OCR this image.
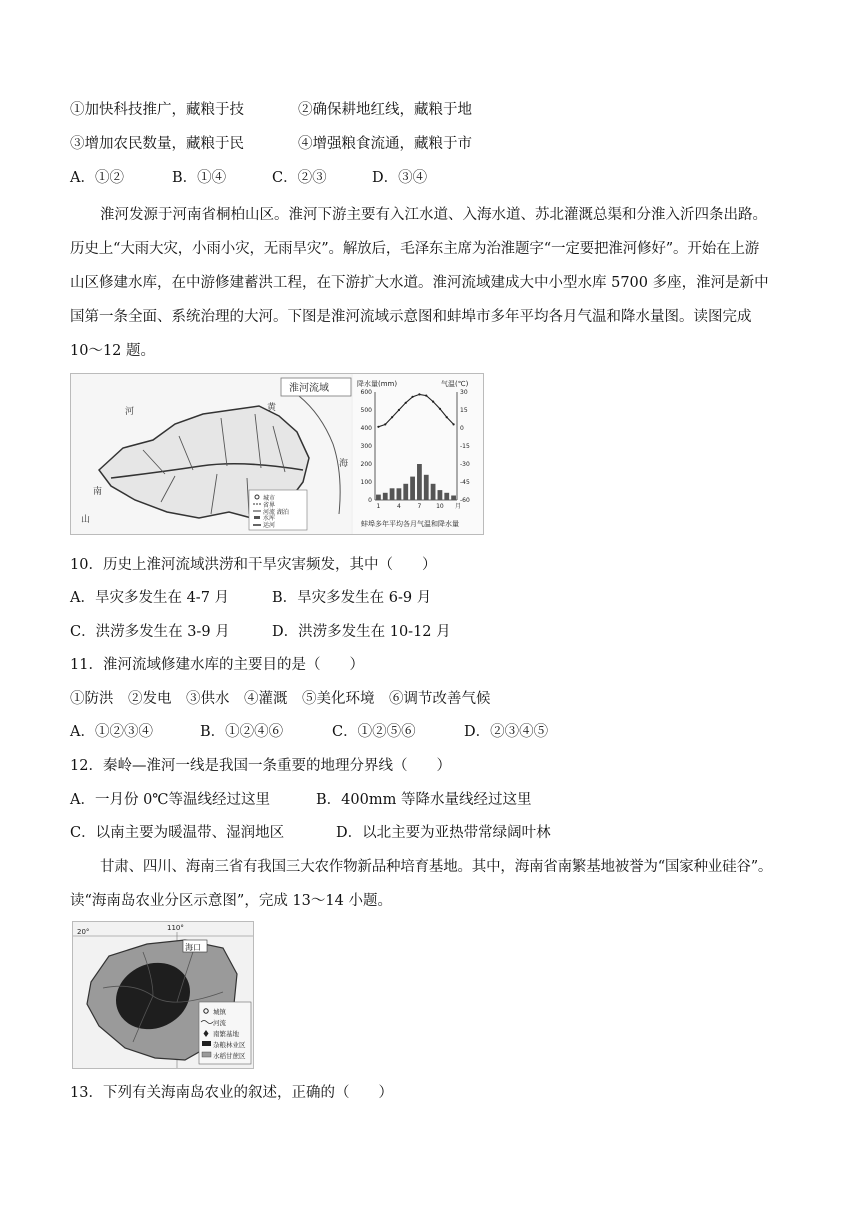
①加快科技推广，藏粮于技	②确保耕地红线，藏粮于地
③增加农民数量，藏粮于民	④增强粮食流通，藏粮于市
A．①②	B．①④	C．②③	D．③④
淮河发源于河南省桐柏山区。淮河下游主要有入江水道、入海水道、苏北灌溉总渠和分淮入沂四条出路。
历史上“大雨大灾，小雨小灾，无雨旱灾”。解放后，毛泽东主席为治淮题字“一定要把淮河修好”。开始在上游
山区修建水库，在中游修建蓄洪工程，在下游扩大水道。淮河流域建成大中小型水库 5700 多座，淮河是新中
国第一条全面、系统治理的大河。下图是淮河流域示意图和蚌埠市多年平均各月气温和降水量图。读图完成
10～12 题。
淮河流域
黄
海
河
山
南
城市
省界
河流 湖泊
水库
运河
降水量(mm)	气温(℃)
0
100
200
300
400
500
600	30
15
0
-15
-30
-45
-60
1	4	7 10 月
蚌埠多年平均各月气温和降水量
10．历史上淮河流域洪涝和干旱灾害频发，其中（　　）
A．旱灾多发生在 4-7 月	B．旱灾多发生在 6-9 月
C．洪涝多发生在 3-9 月	D．洪涝多发生在 10-12 月
11．淮河流域修建水库的主要目的是（　　）
①防洪　②发电　③供水　④灌溉　⑤美化环境　⑥调节改善气候
A．①②③④	B．①②④⑥	C．①②⑤⑥	D．②③④⑤
12．秦岭—淮河一线是我国一条重要的地理分界线（　　）
A．一月份 0℃等温线经过这里	B．400mm 等降水量线经过这里
C．以南主要为暖温带、湿润地区	D．以北主要为亚热带常绿阔叶林
甘肃、四川、海南三省有我国三大农作物新品种培育基地。其中，海南省南繁基地被誉为“国家种业硅谷”。
读“海南岛农业分区示意图”，完成 13～14 小题。
20°	110°
海口
城镇
河流
南繁基地
杂粮林业区
水稻甘蔗区
13．下列有关海南岛农业的叙述，正确的（　　）
